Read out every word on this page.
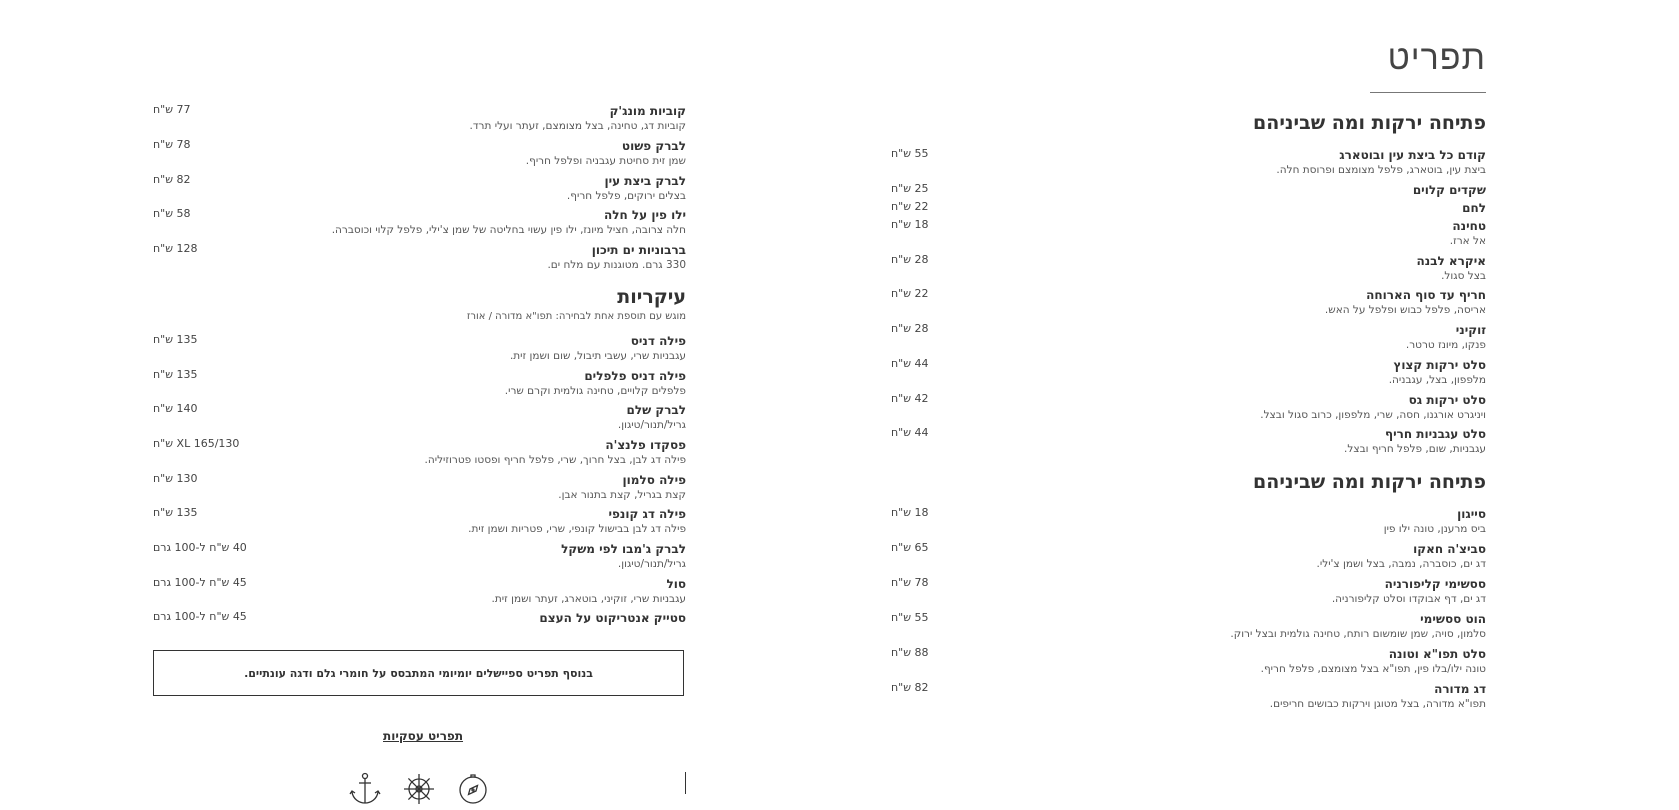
תפריט
פתיחה ירקות ומה שביניהם
קודם כל ביצת עין ובוטארג
ביצת עין, בוטארג, פלפל מצומצם ופרוסת חלה.
55 ש"ח
שקדים קלוים
25 ש"ח
לחם
22 ש"ח
טחינה
אל ארז.
18 ש"ח
איקרא לבנה
בצל סגול.
28 ש"ח
חריף עד סוף הארוחה
אריסה, פלפל כבוש ופלפל על האש.
22 ש"ח
זוקיני
פנקו, מיונז טרטר.
28 ש"ח
סלט ירקות קצוץ
מלפפון, בצל, עגבניה.
44 ש"ח
סלט ירקות גס
ויניגרט אורגנו, חסה, שרי, מלפפון, כרוב סגול ובצל.
42 ש"ח
סלט עגבניות חריף
עגבניות, שום, פלפל חריף ובצל.
44 ש"ח
פתיחה ירקות ומה שביניהם
סייגון
ביס מרענן, טונה ילו פין
18 ש"ח
סביצ'ה חאקו
דג ים, כוסברה, נמבה, בצל ושמן צ'ילי.
65 ש"ח
ססשימי קליפורניה
דג ים, דף אבוקדו וסלט קליפורניה.
78 ש"ח
הוט ססשימי
סלמון, סויה, שמן שומשום רותח, טחינה גולמית ובצל ירוק.
55 ש"ח
סלט תפו"א וטונה
טונה ילו/בלו פין, תפו"א בצל מצומצם, פלפל חריף.
88 ש"ח
דג מדורה
תפו"א מדורה, בצל מטוגן וירקות כבושים חריפים.
82 ש"ח
קוביות מונג'ק
קוביות דג, טחינה, בצל מצומצם, זעתר ועלי תרד.
77 ש"ח
לברק פשוט
שמן זית סחיטת עגבניה ופלפל חריף.
78 ש"ח
לברק ביצת עין
בצלים ירוקים, פלפל חריף.
82 ש"ח
ילו פין על חלה
חלה צרובה, חציל מיונז, ילו פין עשוי בחליטה של שמן צ'ילי, פלפל קלוי וכוסברה.
58 ש"ח
ברבוניות ים תיכון
330 גרם. מטוגנות עם מלח ים.
128 ש"ח
עיקריות
מוגש עם תוספת אחת לבחירה: תפו"א מדורה / אורז
פילה דניס
עגבניות שרי, עשבי תיבול, שום ושמן זית.
135 ש"ח
פילה דניס פלפלים
פלפלים קלויים, טחינה גולמית וקרם שרי.
135 ש"ח
לברק שלם
גריל/תנור/טיגון.
140 ש"ח
פסקדו פלנצ'ה
פילה דג לבן, בצל חרוך, שרי, פלפל חריף ופסטו פטרוזיליה.
165/130 XL ש"ח
פילה סלמון
קצת בגריל, קצת בתנור אבן.
130 ש"ח
פילה דג קונפי
פילה דג לבן בבישול קונפי, שרי, פטריות ושמן זית.
135 ש"ח
לברק ג'מבו לפי משקל
גריל/תנור/טיגון.
40 ש"ח ל-100 גרם
סול
עגבניות שרי, זוקיני, בוטארג, זעתר ושמן זית.
45 ש"ח ל-100 גרם
סטייק אנטריקוט על העצם
45 ש"ח ל-100 גרם
בנוסף תפריט ספיישלים יומיומי המתבסס על חומרי גלם ודגה עונתיים.
תפריט עסקיות
